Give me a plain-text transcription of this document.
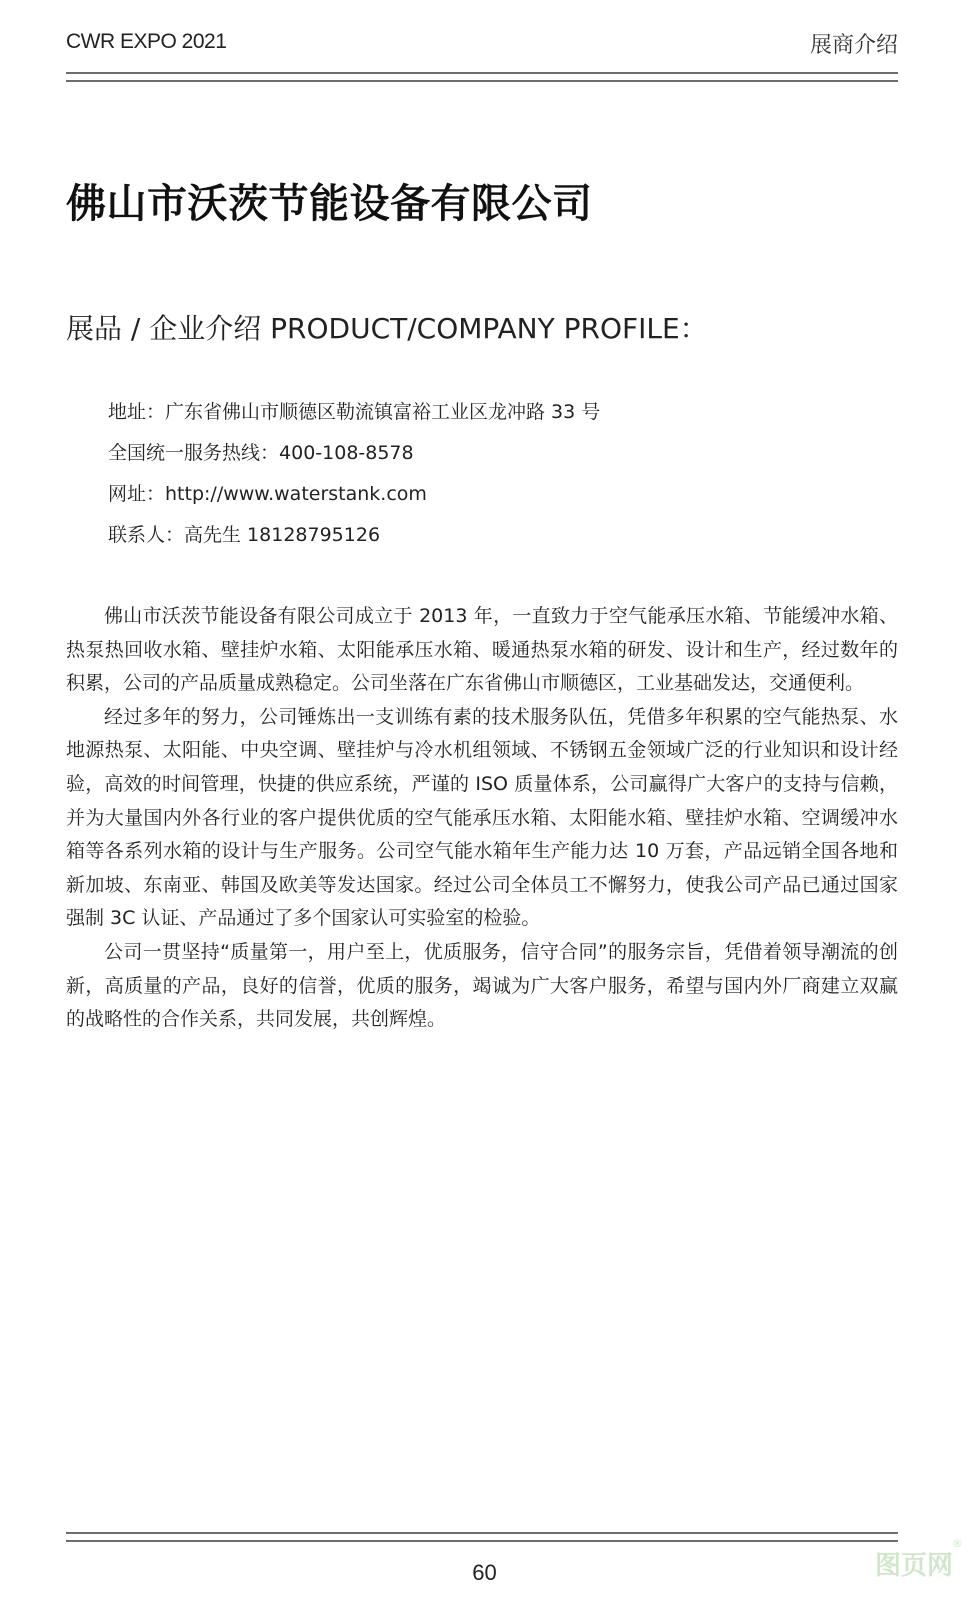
CWR EXPO 2021	展商介绍
佛山市沃茨节能设备有限公司
展品 / 企业介绍 PRODUCT/COMPANY PROFILE：
地址：广东省佛山市顺德区勒流镇富裕工业区龙冲路 33 号
全国统一服务热线：400-108-8578
网址：http://www.waterstank.com
联系人：高先生 18128795126

佛山市沃茨节能设备有限公司成立于 2013 年，一直致力于空气能承压水箱、节能缓冲水箱、热泵热回收水箱、壁挂炉水箱、太阳能承压水箱、暖通热泵水箱的研发、设计和生产，经过数年的积累，公司的产品质量成熟稳定。公司坐落在广东省佛山市顺德区，工业基础发达，交通便利。

经过多年的努力，公司锤炼出一支训练有素的技术服务队伍，凭借多年积累的空气能热泵、水地源热泵、太阳能、中央空调、壁挂炉与冷水机组领域、不锈钢五金领域广泛的行业知识和设计经验，高效的时间管理，快捷的供应系统，严谨的 ISO 质量体系，公司赢得广大客户的支持与信赖，并为大量国内外各行业的客户提供优质的空气能承压水箱、太阳能水箱、壁挂炉水箱、空调缓冲水箱等各系列水箱的设计与生产服务。公司空气能水箱年生产能力达 10 万套，产品远销全国各地和新加坡、东南亚、韩国及欧美等发达国家。经过公司全体员工不懈努力，使我公司产品已通过国家强制 3C 认证、产品通过了多个国家认可实验室的检验。

公司一贯坚持“质量第一，用户至上，优质服务，信守合同”的服务宗旨，凭借着领导潮流的创新，高质量的产品，良好的信誉，优质的服务，竭诚为广大客户服务，希望与国内外厂商建立双赢的战略性的合作关系，共同发展，共创辉煌。

60	图页网
®
